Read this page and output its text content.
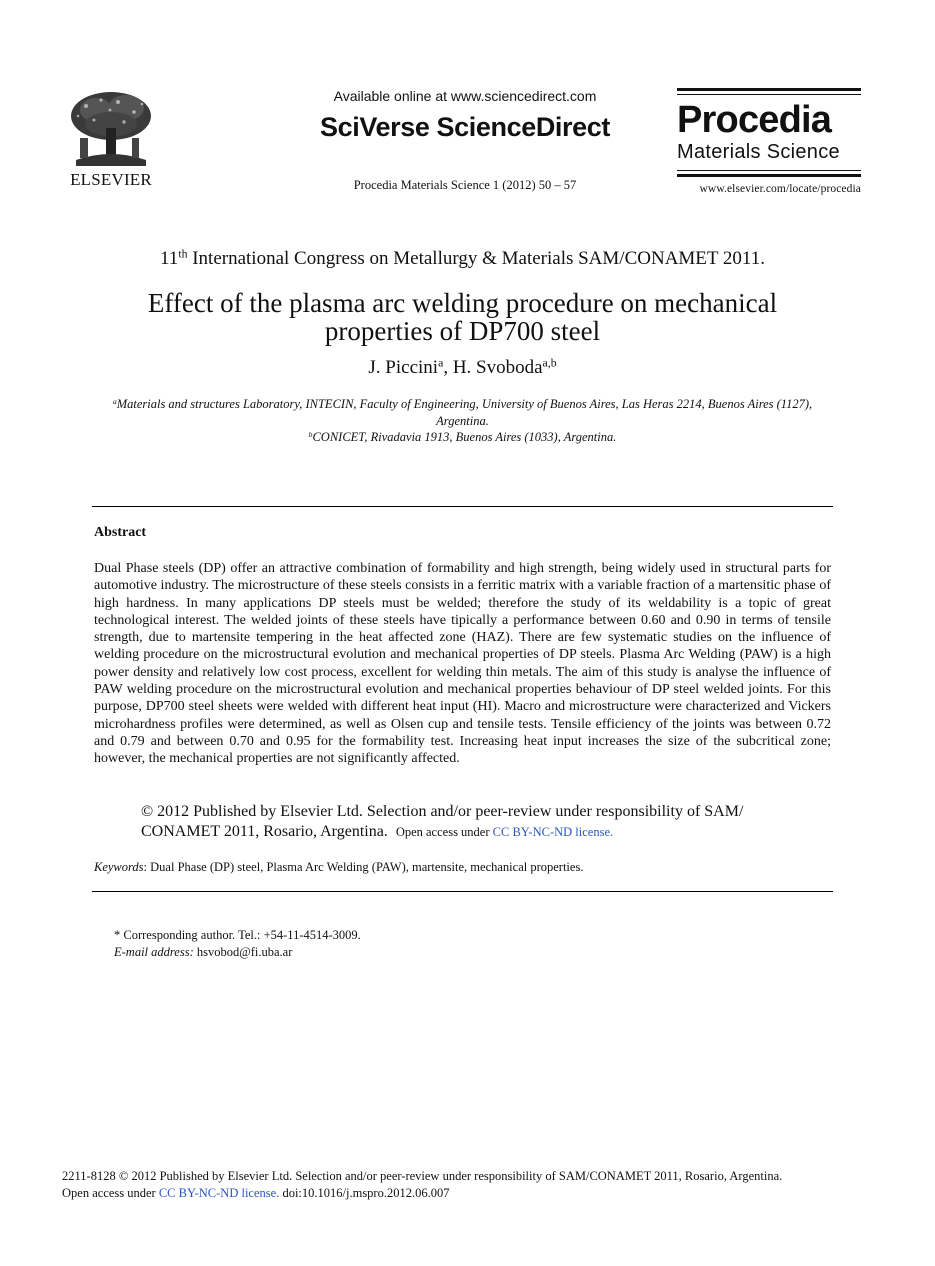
ELSEVIER
Available online at www.sciencedirect.com
SciVerse ScienceDirect
Procedia Materials Science 1 (2012) 50 – 57
Procedia
Materials Science
www.elsevier.com/locate/procedia
11th International Congress on Metallurgy & Materials SAM/CONAMET 2011.
Effect of the plasma arc welding procedure on mechanical properties of DP700 steel
J. Piccini$^a$, H. Svoboda$^{a,b}$
$^a$Materials and structures Laboratory, INTECIN, Faculty of Engineering, University of Buenos Aires, Las Heras 2214, Buenos Aires (1127), Argentina.
$^b$CONICET, Rivadavia 1913, Buenos Aires (1033), Argentina.
Abstract
Dual Phase steels (DP) offer an attractive combination of formability and high strength, being widely used in structural parts for automotive industry. The microstructure of these steels consists in a ferritic matrix with a variable fraction of a martensitic phase of high hardness. In many applications DP steels must be welded; therefore the study of its weldability is a topic of great technological interest. The welded joints of these steels have tipically a performance between 0.60 and 0.90 in terms of tensile strength, due to martensite tempering in the heat affected zone (HAZ). There are few systematic studies on the influence of welding procedure on the microstructural evolution and mechanical properties of DP steels. Plasma Arc Welding (PAW) is a high power density and relatively low cost process, excellent for welding thin metals. The aim of this study is analyse the influence of PAW welding procedure on the microstructural evolution and mechanical properties behaviour of DP steel welded joints. For this purpose, DP700 steel sheets were welded with different heat input (HI). Macro and microstructure were characterized and Vickers microhardness profiles were determined, as well as Olsen cup and tensile tests. Tensile efficiency of the joints was between 0.72 and 0.79 and between 0.70 and 0.95 for the formability test. Increasing heat input increases the size of the subcritical zone; however, the mechanical properties are not significantly affected.
© 2012 Published by Elsevier Ltd. Selection and/or peer-review under responsibility of SAM/ CONAMET 2011, Rosario, Argentina. Open access under CC BY-NC-ND license.
Keywords: Dual Phase (DP) steel, Plasma Arc Welding (PAW), martensite, mechanical properties.
* Corresponding author. Tel.: +54-11-4514-3009.
E-mail address: hsvobod@fi.uba.ar
2211-8128 © 2012 Published by Elsevier Ltd. Selection and/or peer-review under responsibility of SAM/CONAMET 2011, Rosario, Argentina.
Open access under CC BY-NC-ND license. doi:10.1016/j.mspro.2012.06.007
